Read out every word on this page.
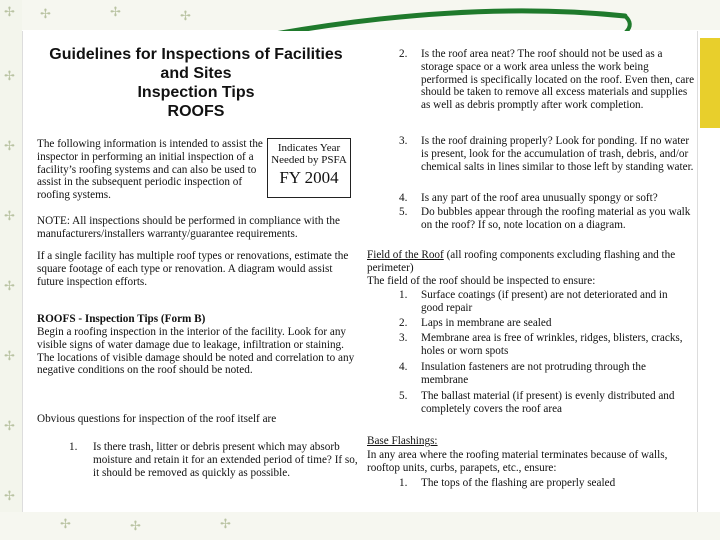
✢
✢
✢
✢
✢
✢
✢
✢
✢	✢	✢
✢	✢	✢
Guidelines for Inspections of Facilities
and Sites
Inspection Tips
ROOFS

The following information is intended to assist the inspector in performing an initial inspection of a facility’s roofing systems and can also be used to assist in the subsequent periodic inspection of roofing systems.

Indicates Year
Needed by PSFA
FY 2004

NOTE: All inspections should be performed in compliance with the manufacturers/installers warranty/guarantee requirements.

If a single facility has multiple roof types or renovations, estimate the square footage of each type or renovation. A diagram would assist future inspection efforts.

ROOFS - Inspection Tips (Form B)

Begin a roofing inspection in the interior of the facility. Look for any visible signs of water damage due to leakage, infiltration or staining. The locations of visible damage should be noted and correlation to any negative conditions on the roof should be noted.

Obvious questions for inspection of the roof itself are

1. Is there trash, litter or debris present which may absorb moisture and retain it for an extended period of time? If so, it should be removed as quickly as possible.
2. Is the roof area neat? The roof should not be used as a storage space or a work area unless the work being performed is specifically located on the roof. Even then, care should be taken to remove all excess materials and supplies as well as debris promptly after work completion.
3. Is the roof draining properly? Look for ponding. If no water is present, look for the accumulation of trash, debris, and/or chemical salts in lines similar to those left by standing water.
4. Is any part of the roof area unusually spongy or soft?
5. Do bubbles appear through the roofing material as you walk on the roof? If so, note location on a diagram.

Field of the Roof (all roofing components excluding flashing and the perimeter)

The field of the roof should be inspected to ensure:

1. Surface coatings (if present) are not deteriorated and in good repair
2. Laps in membrane are sealed
3. Membrane area is free of wrinkles, ridges, blisters, cracks, holes or worn spots
4. Insulation fasteners are not protruding through the membrane
5. The ballast material (if present) is evenly distributed and completely covers the roof area

Base Flashings:

In any area where the roofing material terminates because of walls, rooftop units, curbs, parapets, etc., ensure:

1. The tops of the flashing are properly sealed
